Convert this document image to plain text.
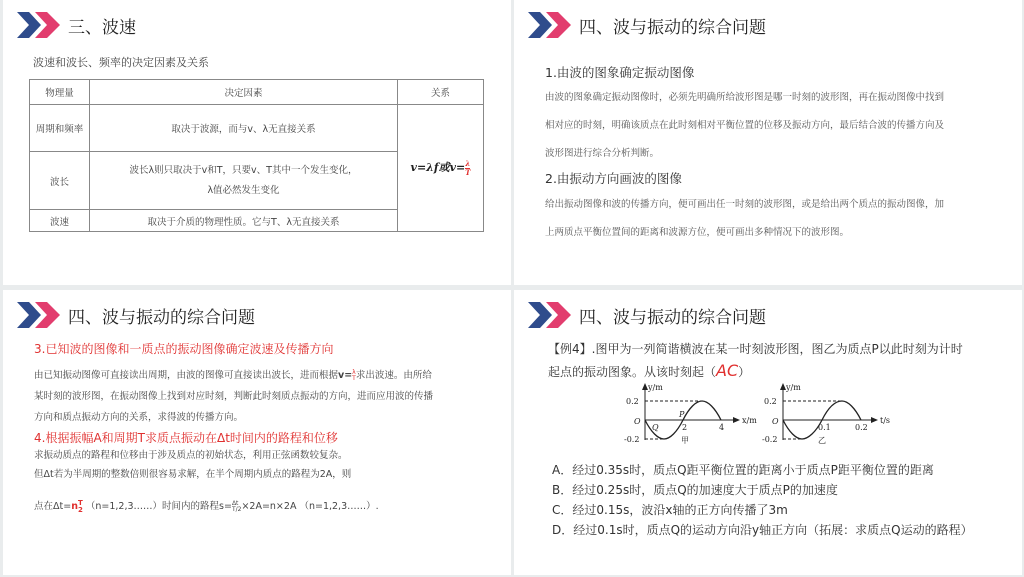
三、波速
波速和波长、频率的决定因素及关系
物理量	决定因素	关系
周期和频率	取决于波源，而与v、λ无直接关系	v=λf或$v= \frac{\lambda}{T}$

波长	波长λ则只取决于v和T，只要v、T其中一个发生变化，
λ值必然发生变化	
波速	取决于介质的物理性质。它与T、λ无直接关系	
四、波与振动的综合问题
1.由波的图象确定振动图像
由波的图象确定振动图像时，必须先明确所给波形图是哪一时刻的波形图，再在振动图像中找到
相对应的时刻，明确该质点在此时刻相对平衡位置的位移及振动方向，最后结合波的传播方向及
波形图进行综合分析判断。
2.由振动方向画波的图像
给出振动图像和波的传播方向，便可画出任一时刻的波形图，或是给出两个质点的振动图像，加
上两质点平衡位置间的距离和波源方位，便可画出多种情况下的波形图。
四、波与振动的综合问题
3.已知波的图像和一质点的振动图像确定波速及传播方向
由已知振动图像可直接读出周期，由波的图像可直接读出波长，进而根据v= λ
T 求出波速。由所给
某时刻的波形图，在振动图像上找到对应时刻，判断此时刻质点振动的方向，进而应用波的传播
方向和质点振动方向的关系，求得波的传播方向。
4.根据振幅A和周期T求质点振动在Δt时间内的路程和位移
求振动质点的路程和位移由于涉及质点的初始状态，利用正弦函数较复杂。
但Δt若为半周期的整数倍则很容易求解，在半个周期内质点的路程为2A，则
点在Δt=n T
2 （n=1,2,3……）时间内的路程s= Δt
T/2 ×2A=n×2A （n=1,2,3……）.
四、波与振动的综合问题
【例4】.图甲为一列简谐横波在某一时刻波形图，图乙为质点P以此时刻为计时
起点的振动图象。从该时刻起（AC）
y/m
0.2
-0.2
O	x/m
2	4
P
Q
甲
y/m
0.2
-0.2
O	t/s
0.1	0.2
乙
A．经过0.35s时，质点Q距平衡位置的距离小于质点P距平衡位置的距离
B．经过0.25s时，质点Q的加速度大于质点P的加速度
C．经过0.15s，波沿x轴的正方向传播了3m
D．经过0.1s时，质点Q的运动方向沿y轴正方向（拓展：求质点Q运动的路程）
